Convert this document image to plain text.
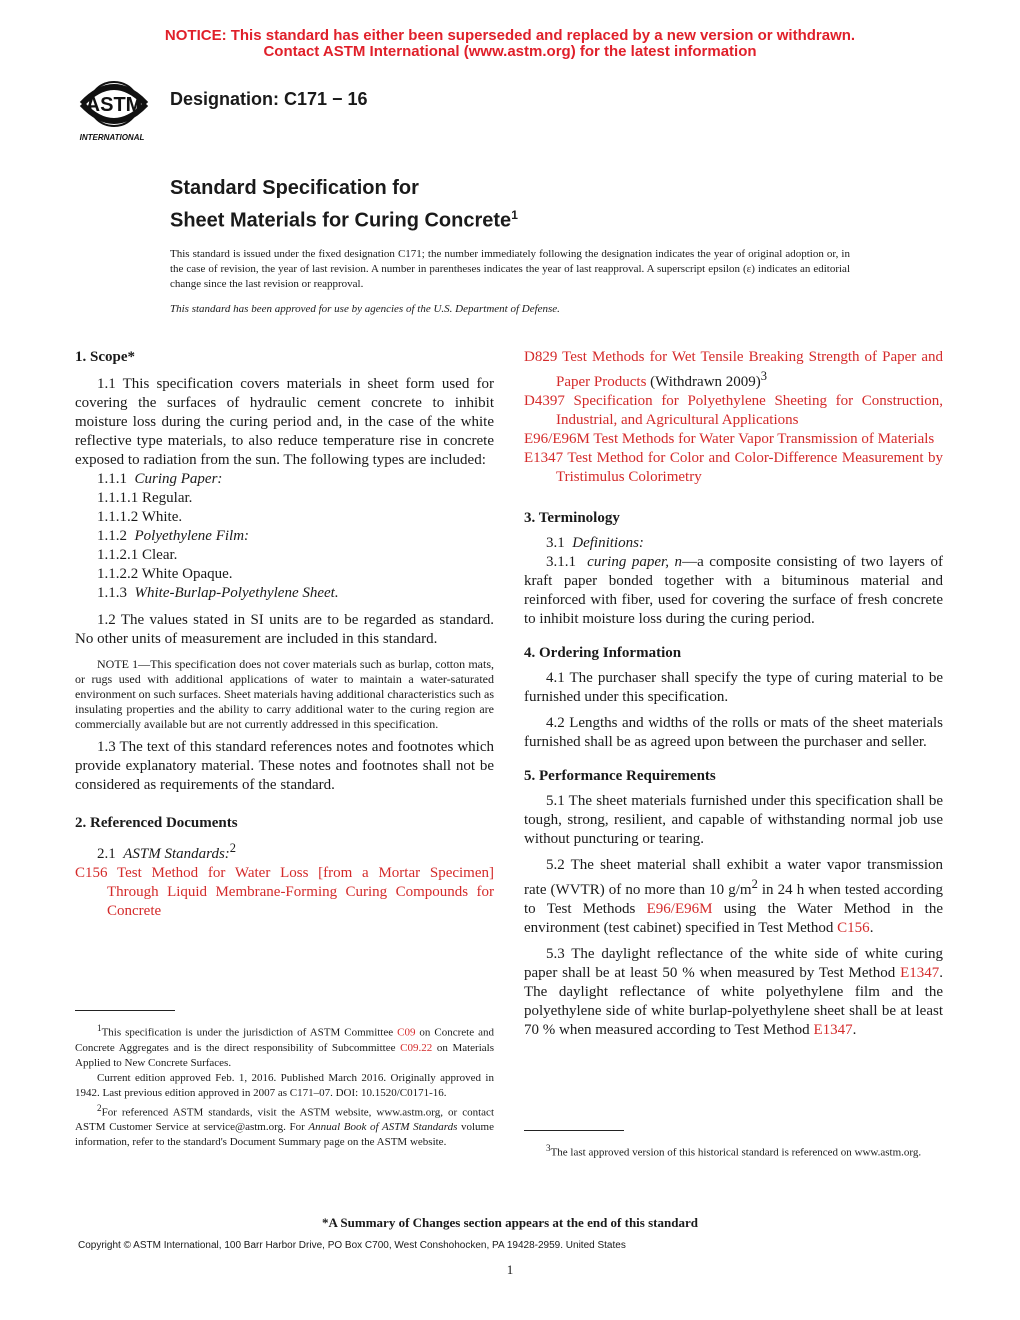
NOTICE: This standard has either been superseded and replaced by a new version or withdrawn.
Contact ASTM International (www.astm.org) for the latest information
ASTM
INTERNATIONAL
Designation: C171 − 16
Standard Specification for
Sheet Materials for Curing Concrete$^1$
This standard is issued under the fixed designation C171; the number immediately following the designation indicates the year of original adoption or, in the case of revision, the year of last revision. A number in parentheses indicates the year of last reapproval. A superscript epsilon (ε) indicates an editorial change since the last revision or reapproval.
This standard has been approved for use by agencies of the U.S. Department of Defense.

1. Scope*

1.1 This specification covers materials in sheet form used for covering the surfaces of hydraulic cement concrete to inhibit moisture loss during the curing period and, in the case of the white reflective type materials, to also reduce temperature rise in concrete exposed to radiation from the sun. The following types are included:

1.1.1 Curing Paper:

1.1.1.1 Regular.

1.1.1.2 White.

1.1.2 Polyethylene Film:

1.1.2.1 Clear.

1.1.2.2 White Opaque.

1.1.3 White-Burlap-Polyethylene Sheet.

1.2 The values stated in SI units are to be regarded as standard. No other units of measurement are included in this standard.

NOTE 1—This specification does not cover materials such as burlap, cotton mats, or rugs used with additional applications of water to maintain a water-saturated environment on such surfaces. Sheet materials having additional characteristics such as insulating properties and the ability to carry additional water to the curing region are commercially available but are not currently addressed in this specification.

1.3 The text of this standard references notes and footnotes which provide explanatory material. These notes and footnotes shall not be considered as requirements of the standard.

2. Referenced Documents

2.1 ASTM Standards:$^2$

C156 Test Method for Water Loss [from a Mortar Specimen] Through Liquid Membrane-Forming Curing Compounds for Concrete

$^1$This specification is under the jurisdiction of ASTM Committee C09 on Concrete and Concrete Aggregates and is the direct responsibility of Subcommittee C09.22 on Materials Applied to New Concrete Surfaces.

Current edition approved Feb. 1, 2016. Published March 2016. Originally approved in 1942. Last previous edition approved in 2007 as C171–07. DOI: 10.1520/C0171-16.

$^2$For referenced ASTM standards, visit the ASTM website, www.astm.org, or contact ASTM Customer Service at service@astm.org. For Annual Book of ASTM Standards volume information, refer to the standard's Document Summary page on the ASTM website.

D829 Test Methods for Wet Tensile Breaking Strength of Paper and Paper Products (Withdrawn 2009)$^3$

D4397 Specification for Polyethylene Sheeting for Construction, Industrial, and Agricultural Applications

E96/E96M Test Methods for Water Vapor Transmission of Materials

E1347 Test Method for Color and Color-Difference Measurement by Tristimulus Colorimetry

3. Terminology

3.1 Definitions:

3.1.1 curing paper, n—a composite consisting of two layers of kraft paper bonded together with a bituminous material and reinforced with fiber, used for covering the surface of fresh concrete to inhibit moisture loss during the curing period.

4. Ordering Information

4.1 The purchaser shall specify the type of curing material to be furnished under this specification.

4.2 Lengths and widths of the rolls or mats of the sheet materials furnished shall be as agreed upon between the purchaser and seller.

5. Performance Requirements

5.1 The sheet materials furnished under this specification shall be tough, strong, resilient, and capable of withstanding normal job use without puncturing or tearing.

5.2 The sheet material shall exhibit a water vapor transmission rate (WVTR) of no more than 10 $g/m^2$ in 24 h when tested according to Test Methods E96/E96M using the Water Method in the environment (test cabinet) specified in Test Method C156.

5.3 The daylight reflectance of the white side of white curing paper shall be at least 50 % when measured by Test Method E1347. The daylight reflectance of white polyethylene film and the polyethylene side of white burlap-polyethylene sheet shall be at least 70 % when measured according to Test Method E1347.

$^3$The last approved version of this historical standard is referenced on www.astm.org.

*A Summary of Changes section appears at the end of this standard
Copyright © ASTM International, 100 Barr Harbor Drive, PO Box C700, West Conshohocken, PA 19428-2959. United States
1
